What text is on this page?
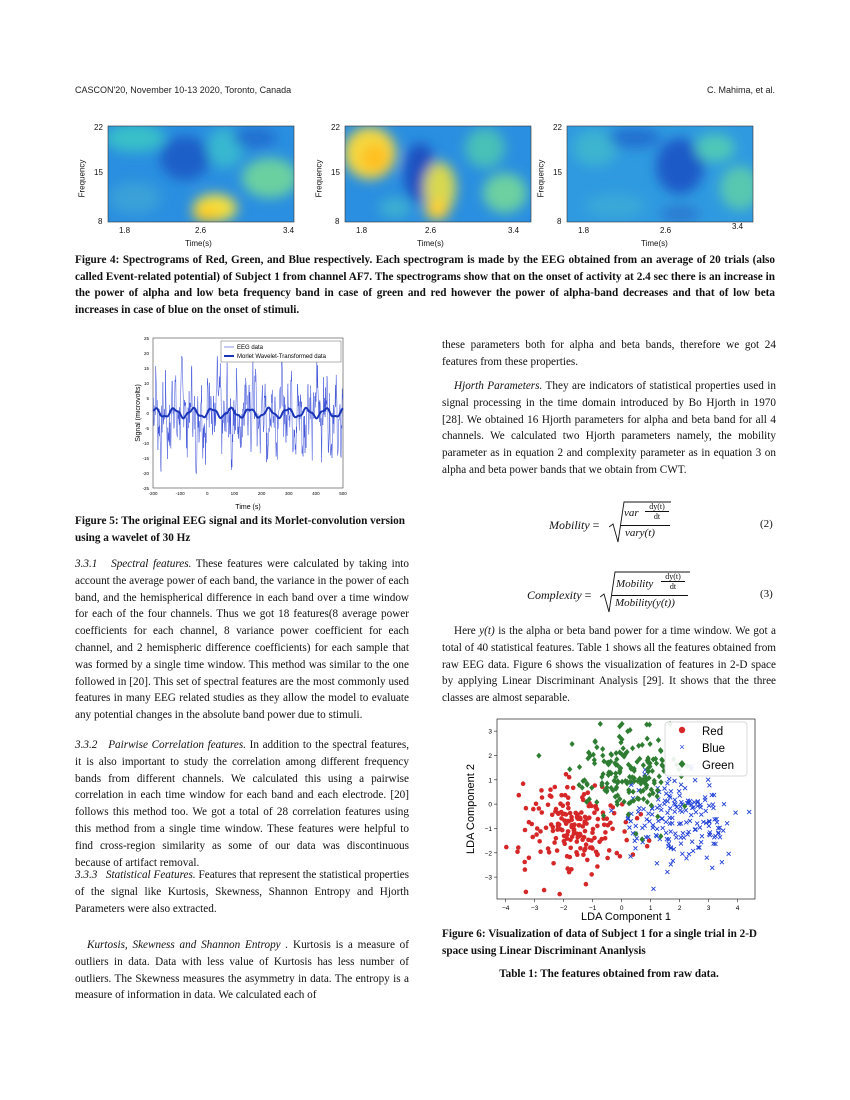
CASCON'20, November 10-13 2020, Toronto, Canada	C. Mahima, et al.
22
15
8
Frequency
1.8	2.6	3.4
Time(s)
22
15
8
Frequency
1.8	2.6	3.4
Time(s)
22
15
8
Frequency
1.8	2.6	3.4
Time(s)

Figure 4: Spectrograms of Red, Green, and Blue respectively. Each spectrogram is made by the EEG obtained from an average of 20 trials (also called Event-related potential) of Subject 1 from channel AF7. The spectrograms show that on the onset of activity at 2.4 sec there is an increase in the power of alpha and low beta frequency band in case of green and red however the power of alpha-band decreases and that of low beta increases in case of blue on the onset of stimuli.

25
20
15
10
5
0
-5
-10
-15
-20
-25
-200	-100	0	100	200	300	400	500
EEG data
Morlet Wavelet-Transformed data
Time (s)
Signal (microvolts)

Figure 5: The original EEG signal and its Morlet-convolution version using a wavelet of 30 Hz

3.3.1 Spectral features. These features were calculated by taking into account the average power of each band, the variance in the power of each band, and the hemispherical difference in each band over a time window for each of the four channels. Thus we got 18 features(8 average power coefficients for each channel, 8 variance power coefficient for each channel, and 2 hemispheric difference coefficients) for each sample that was formed by a single time window. This method was similar to the one followed in [20]. This set of spectral features are the most commonly used features in many EEG related studies as they allow the model to evaluate any potential changes in the absolute band power due to stimuli.

3.3.2 Pairwise Correlation features. In addition to the spectral features, it is also important to study the correlation among different frequency bands from different channels. We calculated this using a pairwise correlation in each time window for each band and each electrode. [20] follows this method too. We got a total of 28 correlation features using this method from a single time window. These features were helpful to find cross-region similarity as some of our data was discontinuous because of artifact removal.

3.3.3 Statistical Features. Features that represent the statistical properties of the signal like Kurtosis, Skewness, Shannon Entropy and Hjorth Parameters were also extracted.

Kurtosis, Skewness and Shannon Entropy . Kurtosis is a measure of outliers in data. Data with less value of Kurtosis has less number of outliers. The Skewness measures the asymmetry in data. The entropy is a measure of information in data. We calculated each of

these parameters both for alpha and beta bands, therefore we got 24 features from these properties.

Hjorth Parameters. They are indicators of statistical properties used in signal processing in the time domain introduced by Bo Hjorth in 1970 [28]. We obtained 16 Hjorth parameters for alpha and beta band for all 4 channels. We calculated two Hjorth parameters namely, the mobility parameter as in equation 2 and complexity parameter as in equation 3 on alpha and beta power bands that we obtain from CWT.

Mobility =
var $\frac{dy(t)}{dt}$
vary(t)
(2)
Complexity =
Mobility $\frac{dy(t)}{dt}$
Mobility(y(t))
(3)

Here y(t) is the alpha or beta band power for a time window. We got a total of 40 statistical features. Table 1 shows all the features obtained from raw EEG data. Figure 6 shows the visualization of features in 2-D space by applying Linear Discriminant Analysis [29]. It shows that the three classes are almost separable.

−4	−3	−2	−1	0	1	2	3	4
−3
−2
−1
0
1
2
3	Red
× Blue
Green
LDA Component 1
LDA Component 2

Figure 6: Visualization of data of Subject 1 for a single trial in 2-D space using Linear Discriminant Ananlysis

Table 1: The features obtained from raw data.
